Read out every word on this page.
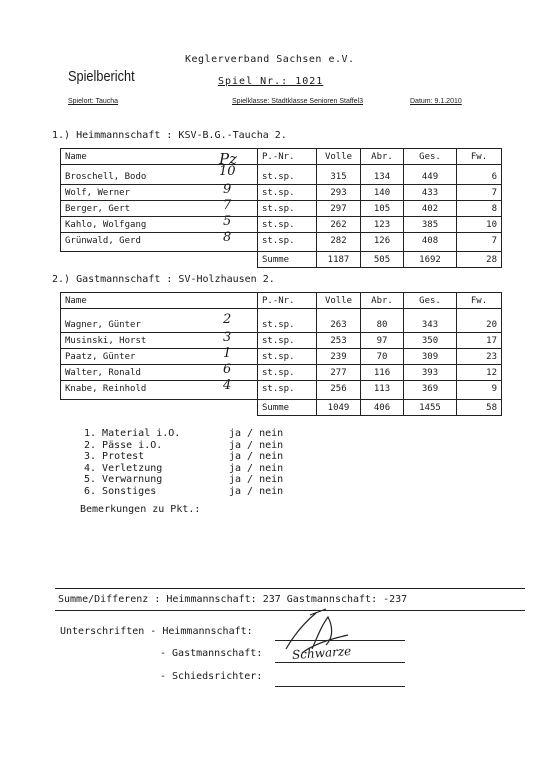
Keglerverband Sachsen e.V.
Spielbericht	Spiel Nr.: 1021
Spielort: Taucha	Spielklasse: Stadtklasse Senioren Staffel3	Datum: 9.1.2010
1.) Heimmannschaft : KSV-B.G.-Taucha 2.
Name Pz	P.-Nr.	Volle	Abr.	Ges.	Fw.
Broschell, Bodo 10	st.sp.	315	134	449	6
Wolf, Werner 9	st.sp.	293	140	433	7
Berger, Gert 7	st.sp.	297	105	402	8
Kahlo, Wolfgang 5	st.sp.	262	123	385	10
Grünwald, Gerd 8	st.sp.	282	126	408	7
	Summe	1187	505	1692	28
2.) Gastmannschaft : SV-Holzhausen 2.
Name	P.-Nr.	Volle	Abr.	Ges.	Fw.
Wagner, Günter 2	st.sp.	263	80	343	20
Musinski, Horst 3	st.sp.	253	97	350	17
Paatz, Günter 1	st.sp.	239	70	309	23
Walter, Ronald 6	st.sp.	277	116	393	12
Knabe, Reinhold 4	st.sp.	256	113	369	9
	Summe	1049	406	1455	58
1. Material i.O.	ja / nein
2. Pässe i.O.	ja / nein
3. Protest	ja / nein
4. Verletzung	ja / nein
5. Verwarnung	ja / nein
6. Sonstiges	ja / nein
Bemerkungen zu Pkt.:
Summe/Differenz : Heimmannschaft: 237 Gastmannschaft: -237
Unterschriften - Heimmannschaft:
- Gastmannschaft: Schwarze
- Schiedsrichter:
